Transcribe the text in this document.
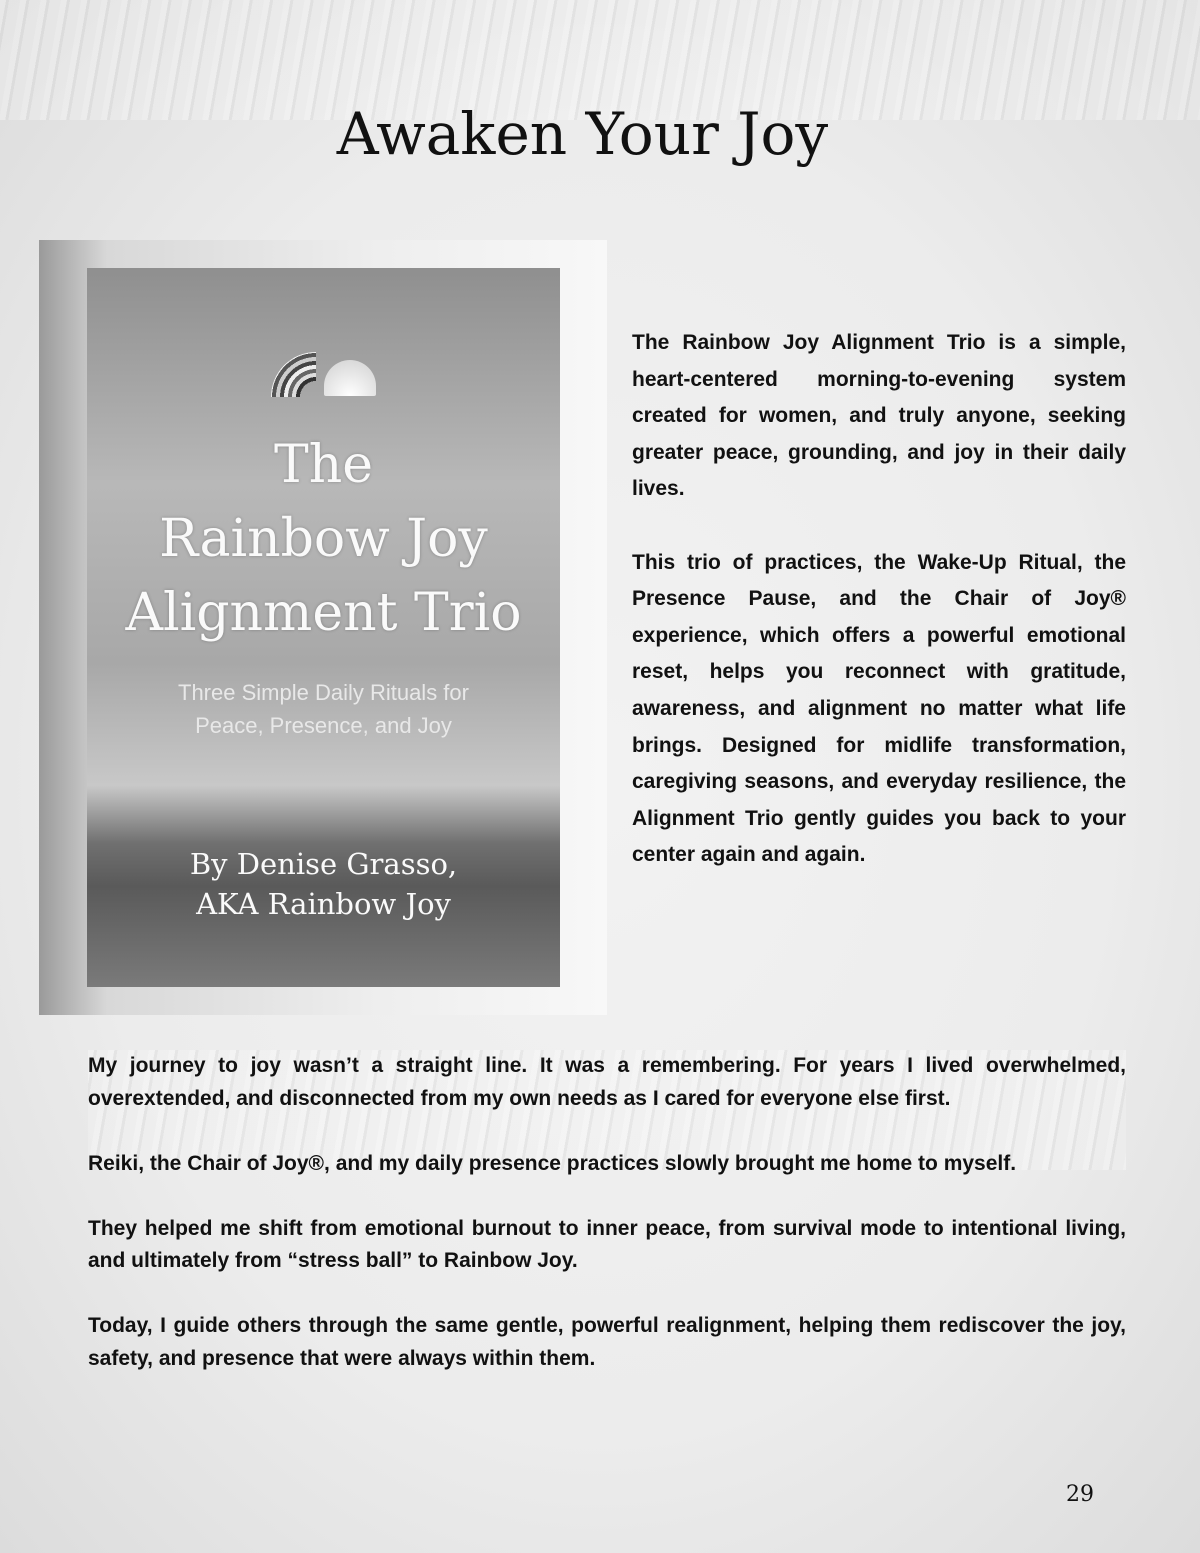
Awaken Your Joy
The
Rainbow Joy
Alignment Trio
Three Simple Daily Rituals for
Peace, Presence, and Joy
By Denise Grasso,
AKA Rainbow Joy

The Rainbow Joy Alignment Trio is a simple, heart-centered morning-to-evening system created for women, and truly anyone, seeking greater peace, grounding, and joy in their daily lives.

This trio of practices, the Wake-Up Ritual, the Presence Pause, and the Chair of Joy® experience, which offers a powerful emotional reset, helps you reconnect with gratitude, awareness, and alignment no matter what life brings. Designed for midlife transformation, caregiving seasons, and everyday resilience, the Alignment Trio gently guides you back to your center again and again.

My journey to joy wasn’t a straight line. It was a remembering. For years I lived overwhelmed, overextended, and disconnected from my own needs as I cared for everyone else first.

Reiki, the Chair of Joy®, and my daily presence practices slowly brought me home to myself.

They helped me shift from emotional burnout to inner peace, from survival mode to intentional living, and ultimately from “stress ball” to Rainbow Joy.

Today, I guide others through the same gentle, powerful realignment, helping them rediscover the joy, safety, and presence that were always within them.

29
